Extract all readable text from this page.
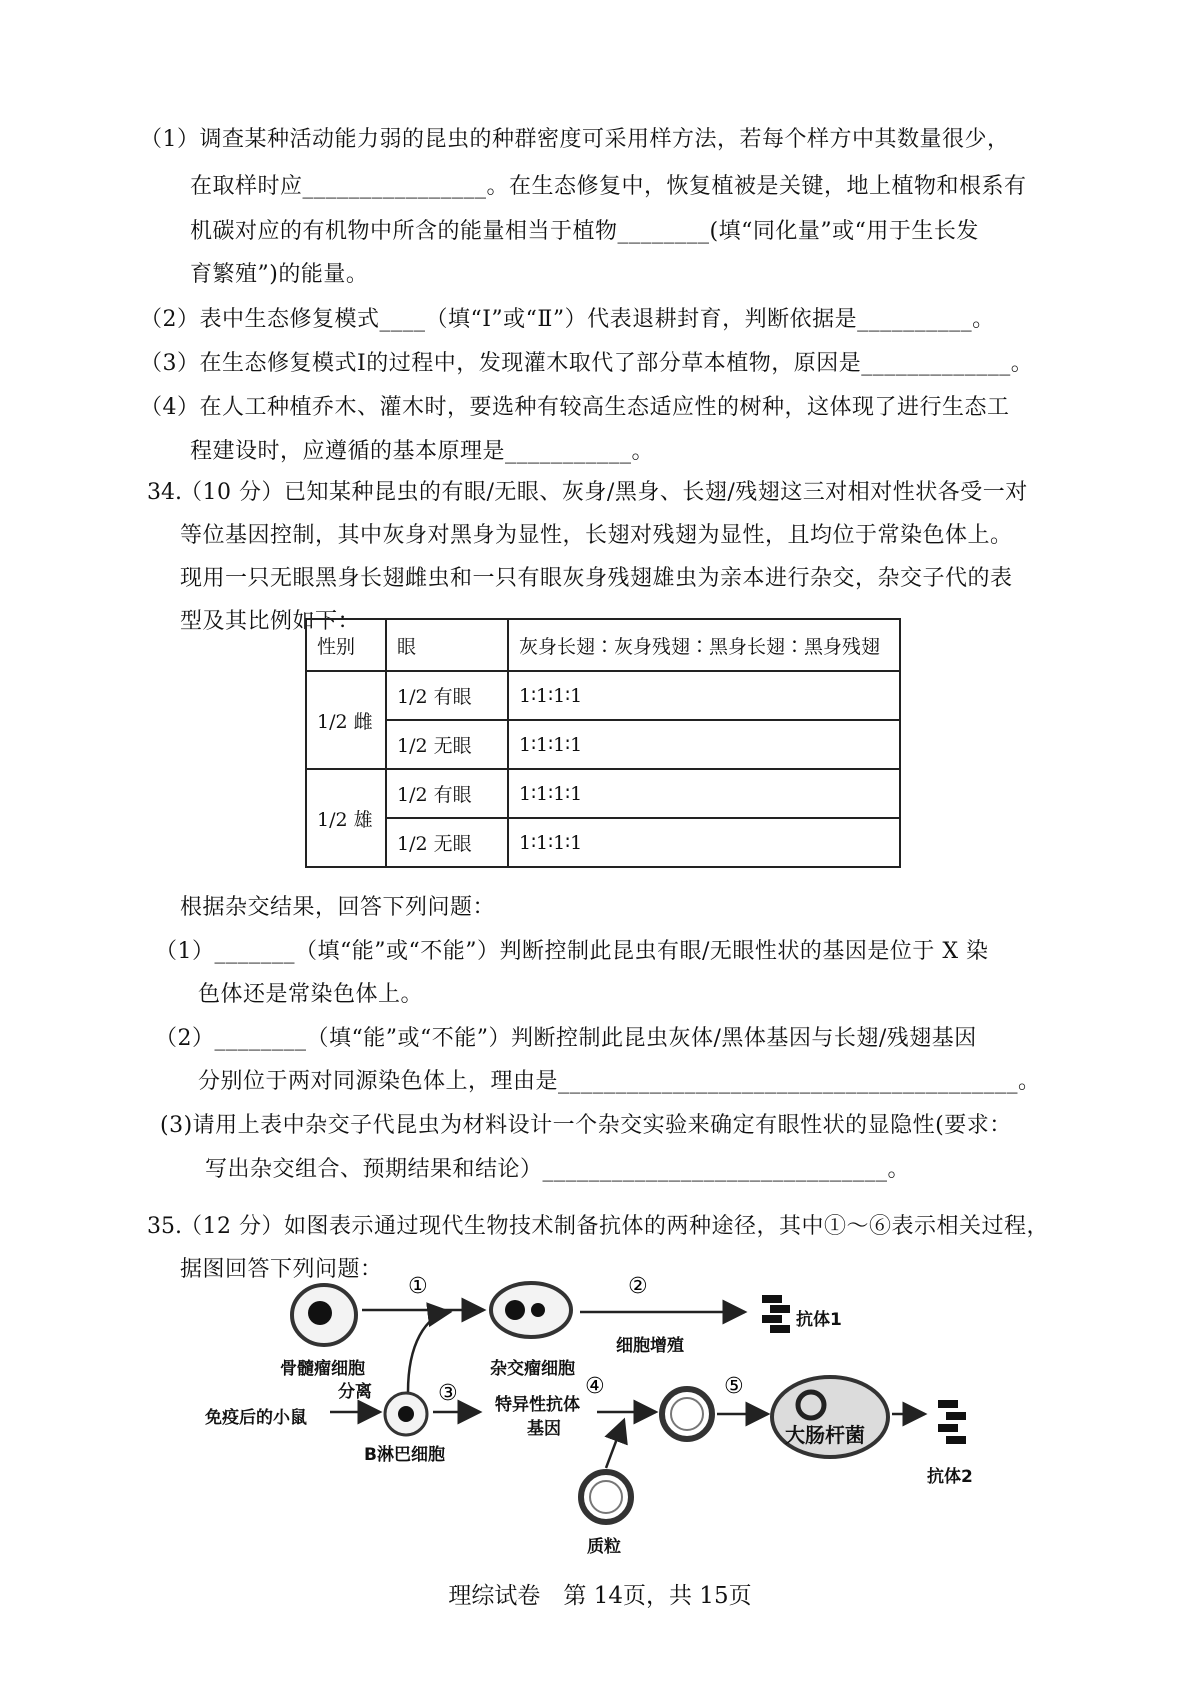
（1）调查某种活动能力弱的昆虫的种群密度可采用样方法，若每个样方中其数量很少，
在取样时应________________。在生态修复中，恢复植被是关键，地上植物和根系有
机碳对应的有机物中所含的能量相当于植物________(填“同化量”或“用于生长发
育繁殖”)的能量。
（2）表中生态修复模式____（填“Ⅰ”或“Ⅱ”）代表退耕封育，判断依据是__________。
（3）在生态修复模式Ⅰ的过程中，发现灌木取代了部分草本植物，原因是_____________。
（4）在人工种植乔木、灌木时，要选种有较高生态适应性的树种，这体现了进行生态工
程建设时，应遵循的基本原理是___________。
34.
（10 分）已知某种昆虫的有眼/无眼、灰身/黑身、长翅/残翅这三对相对性状各受一对
等位基因控制，其中灰身对黑身为显性，长翅对残翅为显性，且均位于常染色体上。
现用一只无眼黑身长翅雌虫和一只有眼灰身残翅雄虫为亲本进行杂交，杂交子代的表
型及其比例如下：
性别	眼	灰身长翅∶灰身残翅∶黑身长翅∶黑身残翅
1/2 雌	1/2 有眼	1∶1∶1∶1
	1/2 无眼	1∶1∶1∶1
1/2 雄	1/2 有眼	1∶1∶1∶1
	1/2 无眼	1∶1∶1∶1
根据杂交结果，回答下列问题：
（1）_______（填“能”或“不能”）判断控制此昆虫有眼/无眼性状的基因是位于 X 染
色体还是常染色体上。
（2）________（填“能”或“不能”）判断控制此昆虫灰体/黑体基因与长翅/残翅基因
分别位于两对同源染色体上，理由是________________________________________。
(3)请用上表中杂交子代昆虫为材料设计一个杂交实验来确定有眼性状的显隐性(要求：
写出杂交组合、预期结果和结论）______________________________。
35.
（12 分）如图表示通过现代生物技术制备抗体的两种途径，其中①～⑥表示相关过程，
据图回答下列问题：
①	②
③	④	⑤
骨髓瘤细胞	杂交瘤细胞
细胞增殖
抗体1
免疫后的小鼠
分离
B淋巴细胞
特异性抗体
基因	大肠杆菌
抗体2
质粒
理综试卷　第 14页，共 15页
